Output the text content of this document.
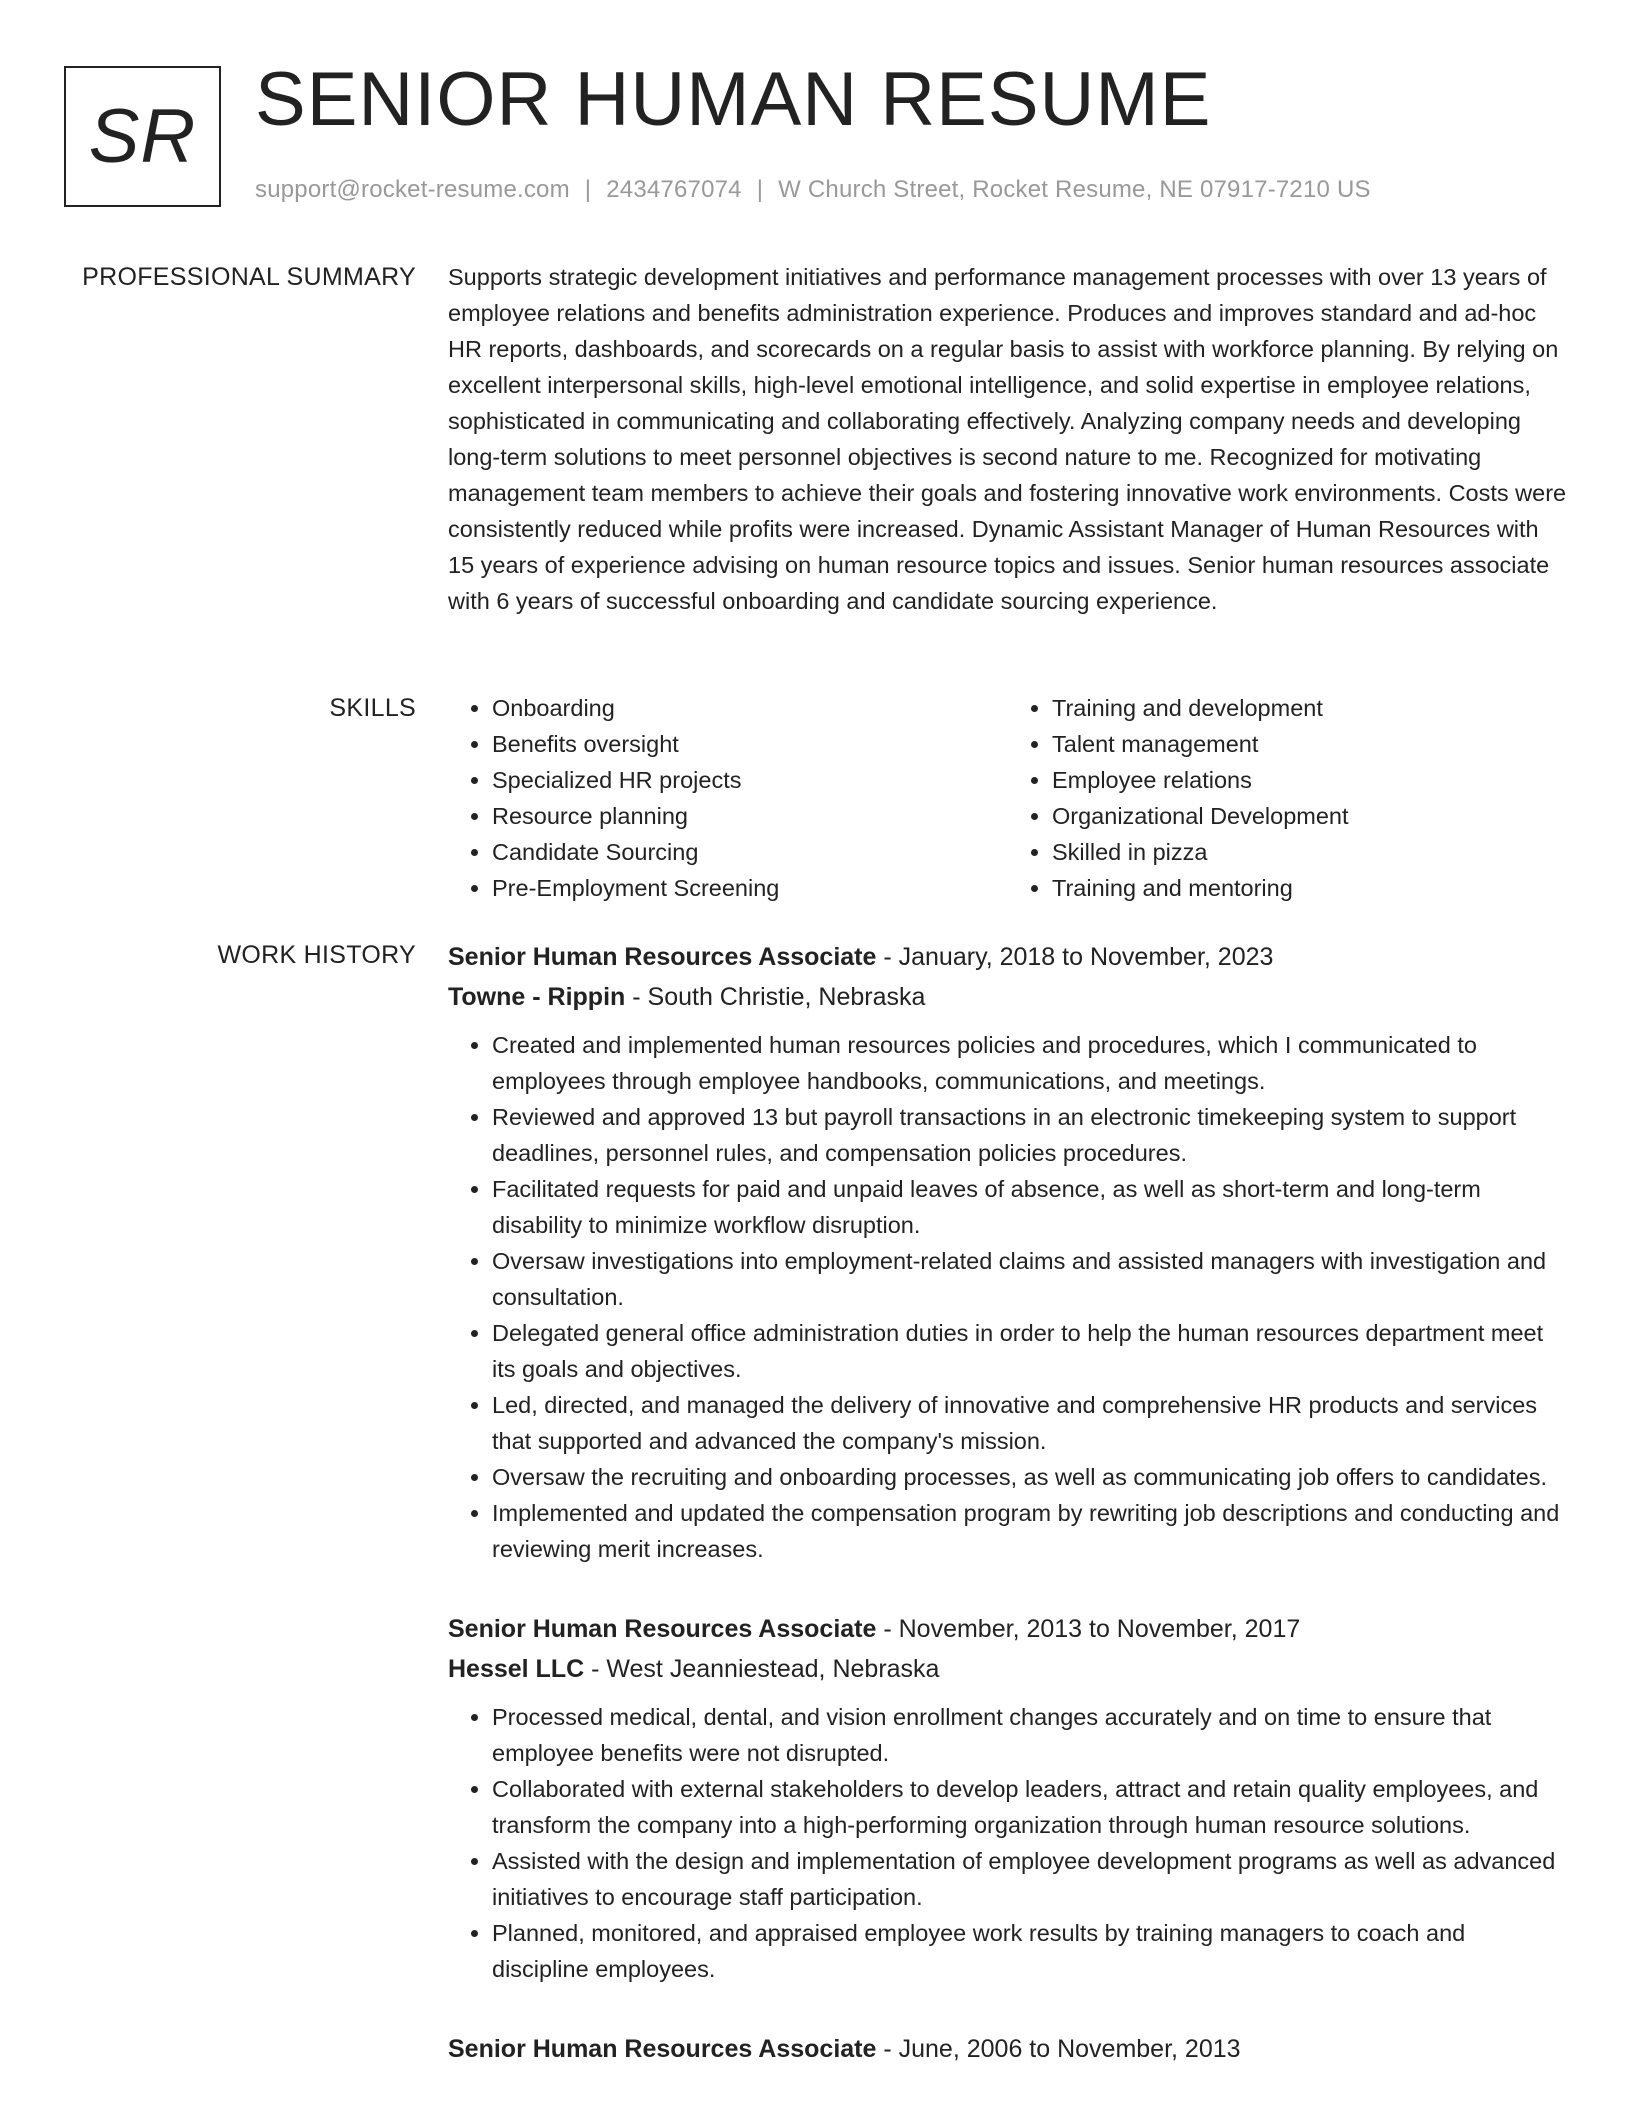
SR SENIOR HUMAN RESUME
support@rocket-resume.com | 2434767074 | W Church Street, Rocket Resume, NE 07917-7210 US
PROFESSIONAL SUMMARY Supports strategic development initiatives and performance management processes with over 13 years of employee relations and benefits administration experience. Produces and improves standard and ad-hoc HR reports, dashboards, and scorecards on a regular basis to assist with workforce planning. By relying on excellent interpersonal skills, high-level emotional intelligence, and solid expertise in employee relations, sophisticated in communicating and collaborating effectively. Analyzing company needs and developing long-term solutions to meet personnel objectives is second nature to me. Recognized for motivating management team members to achieve their goals and fostering innovative work environments. Costs were consistently reduced while profits were increased. Dynamic Assistant Manager of Human Resources with 15 years of experience advising on human resource topics and issues. Senior human resources associate with 6 years of successful onboarding and candidate sourcing experience.

SKILLS
•	Onboarding
• Benefits oversight
• Specialized HR projects
• Resource planning
• Candidate Sourcing
• Pre-Employment Screening
• Training and development
• Talent management
• Employee relations
• Organizational Development
• Skilled in pizza
• Training and mentoring
WORK HISTORY Senior Human Resources Associate - January, 2018 to November, 2023
Towne - Rippin - South Christie, Nebraska
• Created and implemented human resources policies and procedures, which I communicated to employees through employee handbooks, communications, and meetings.
• Reviewed and approved 13 but payroll transactions in an electronic timekeeping system to support deadlines, personnel rules, and compensation policies procedures.
• Facilitated requests for paid and unpaid leaves of absence, as well as short-term and long-term disability to minimize workflow disruption.
• Oversaw investigations into employment-related claims and assisted managers with investigation and consultation.
• Delegated general office administration duties in order to help the human resources department meet its goals and objectives.
• Led, directed, and managed the delivery of innovative and comprehensive HR products and services that supported and advanced the company's mission.
• Oversaw the recruiting and onboarding processes, as well as communicating job offers to candidates.
• Implemented and updated the compensation program by rewriting job descriptions and conducting and reviewing merit increases.
Senior Human Resources Associate - November, 2013 to November, 2017
Hessel LLC - West Jeanniestead, Nebraska
• Processed medical, dental, and vision enrollment changes accurately and on time to ensure that employee benefits were not disrupted.
• Collaborated with external stakeholders to develop leaders, attract and retain quality employees, and transform the company into a high-performing organization through human resource solutions.
• Assisted with the design and implementation of employee development programs as well as advanced initiatives to encourage staff participation.
• Planned, monitored, and appraised employee work results by training managers to coach and discipline employees.
Senior Human Resources Associate - June, 2006 to November, 2013
